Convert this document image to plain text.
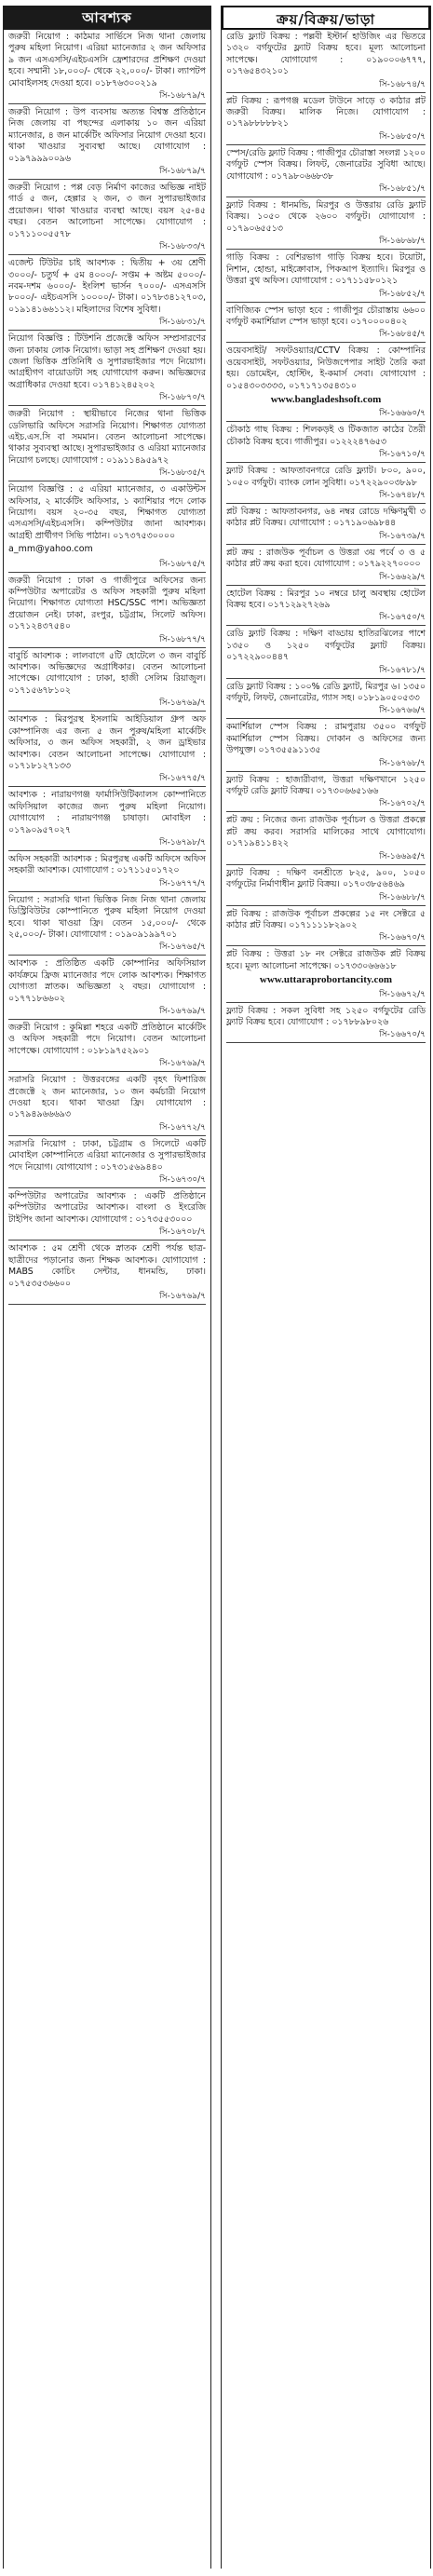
আবশ্যক
জরুরী নিয়োগ : কাঠমার সার্ভিসে নিজ থানা জেলায় পুরুষ মহিলা নিয়োগ। এরিয়া ম্যানেজার ২ জন অফিসার ৯ জন এসএসসি/এইচএসসি ফ্রেশারদের প্রশিক্ষণ দেওয়া হবে। সম্মানী ১৮,০০০/- থেকে ২২,০০০/- টাকা। ল্যাপটপ মোবাইলসহ দেওয়া হবে। ০১৮৭৬৩০০২১৯
সি-১৬৮৭৯/৭
জরুরী নিয়োগ : উপ ব্যবসায় অত্যন্ত বিশ্বস্ত প্রতিষ্ঠানে নিজ জেলায় বা পছন্দের এলাকায় ১০ জন এরিয়া ম্যানেজার, ৪ জন মার্কেটিং অফিসার নিয়োগ দেওয়া হবে। থাকা খাওয়ার সুব্যবস্থা আছে। যোগাযোগ : ০১৯৭৯৯৯০০৯৬
সি-১৬৮৭৯/৭
জরুরী নিয়োগ : পপ্প বেড় নির্মাণ কাজের অভিজ্ঞ নাইট গার্ড ৫ জন, হেল্পার ২ জন, ৩ জন সুপারভাইজার প্রয়োজন। থাকা খাওয়ার ব্যবস্থা আছে। বয়স ২৫-৪৫ বছর। বেতন আলোচনা সাপেক্ষে। যোগাযোগ : ০১৭১১০০৫৫৭৮
সি-১৬৮৩৩/৭
এজেন্ট টিউটর চাই আবশ্যক : দ্বিতীয় + ৩য় শ্রেণী ৩০০০/- চতুর্থ + ৫ম ৪০০০/- সপ্তম + অষ্টম ৫০০০/- নবম-দশম ৬০০০/- ইংলিশ ভার্সন ৭০০০/- এসএসসি ৮০০০/- এইচএসসি ১০০০০/- টাকা। ০১৭৮৩৪১২৭০৩, ০১৯১৪১৬৬১১২। মহিলাদের বিশেষ সুবিধা।
সি-১৬৮৩১/৭
নিয়োগ বিজ্ঞপ্তি : টিউশনি প্রজেক্টে অফিস সম্প্রসারণের জন্য ঢাকায় লোক নিয়োগ। ভাড়া সহ প্রশিক্ষণ দেওয়া হয়। জেলা ভিত্তিক প্রতিনিধি ও সুপারভাইজার পদে নিয়োগ। আগ্রহীগণ বায়োডাটা সহ যোগাযোগ করুন। অভিজ্ঞদের অগ্রাধিকার দেওয়া হবে। ০১৭৪১২৪৫২০২
সি-১৬৮৭০/৭
জরুরী নিয়োগ : স্থায়ীভাবে নিজের থানা ভিত্তিক ডেলিভারি অফিসে সরাসরি নিয়োগ। শিক্ষাগত যোগ্যতা এইচ.এস.সি বা সমমান। বেতন আলোচনা সাপেক্ষে। থাকার সুব্যবস্থা আছে। সুপারভাইজার ও এরিয়া ম্যানেজার নিয়োগ চলছে। যোগাযোগ : ০১৯১১৪৯৫৯৭২
সি-১৬৮৩৫/৭
নিয়োগ বিজ্ঞপ্তি : ৫ এরিয়া ম্যানেজার, ৩ একাউন্টস অফিসার, ২ মার্কেটিং অফিসার, ১ ক্যাশিয়ার পদে লোক নিয়োগ। বয়স ২০-৩৫ বছর, শিক্ষাগত যোগ্যতা এসএসসি/এইচএসসি। কম্পিউটার জানা আবশ্যক। আগ্রহী প্রার্থীগণ সিভি পাঠান। ০১৭৩৭৫৩০০০০
a_mm@yahoo.com
সি-১৬৮৭৫/৭
জরুরী নিয়োগ : ঢাকা ও গাজীপুরে অফিসের জন্য কম্পিউটার অপারেটর ও অফিস সহকারী পুরুষ মহিলা নিয়োগ। শিক্ষাগত যোগ্যতা HSC/SSC পাশ। অভিজ্ঞতা প্রয়োজন নেই। ঢাকা, রংপুর, চট্টগ্রাম, সিলেট অফিস। ০১৭১২৪৩৭৫৪০
সি-১৬৮৭৭/৭
বাবুর্চি আবশ্যক : লালবাগে ৫টি হোটেলে ৩ জন বাবুর্চি আবশ্যক। অভিজ্ঞদের অগ্রাধিকার। বেতন আলোচনা সাপেক্ষে। যোগাযোগ : ঢাকা, হাজী সেলিম রিয়াজুল। ০১৭১৫৬৭৮১০২
সি-১৬৭৬৯/৭
আবশ্যক : মিরপুরস্থ ইসলামি আইডিয়াল গ্রুপ অফ কোম্পানিজ এর জন্য ৫ জন পুরুষ/মহিলা মার্কেটিং অফিসার, ৩ জন অফিস সহকারী, ২ জন ড্রাইভার আবশ্যক। বেতন আলোচনা সাপেক্ষে। যোগাযোগ : ০১৭১৮১২৭১৩৩
সি-১৬৭৭৫/৭
আবশ্যক : নারায়ণগঞ্জ ফার্মাসিউটিক্যালস কোম্পানিতে অফিসিয়াল কাজের জন্য পুরুষ মহিলা নিয়োগ। যোগাযোগ : নারায়ণগঞ্জ চাষাড়া। মোবাইল : ০১৭৯০৯৫৭০২৭
সি-১৬৭৯৮/৭
অফিস সহকারী আবশ্যক : মিরপুরস্থ একটি অফিসে অফিস সহকারী আবশ্যক। যোগাযোগ : ০১৭১১৫০১৭২০
সি-১৬৭৭৭/৭
নিয়োগ : সরাসরি থানা ভিত্তিক নিজ নিজ থানা জেলায় ডিস্ট্রিবিউটর কোম্পানিতে পুরুষ মহিলা নিয়োগ দেওয়া হবে। থাকা খাওয়া ফ্রি। বেতন ১৫,০০০/- থেকে ২৫,০০০/- টাকা। যোগাযোগ : ০১৯০৯১৯৯৭০১
সি-১৬৭৬৫/৭
আবশ্যক : প্রতিষ্ঠিত একটি কোম্পানির অফিসিয়াল কার্যক্রমে ফ্রিজ ম্যানেজার পদে লোক আবশ্যক। শিক্ষাগত যোগ্যতা স্নাতক। অভিজ্ঞতা ২ বছর। যোগাযোগ : ০১৭৭১৮৬৬০২
সি-১৬৭৬৯/৭
জরুরী নিয়োগ : কুমিল্লা শহরে একটি প্রতিষ্ঠানে মার্কেটিং ও অফিস সহকারী পদে নিয়োগ। বেতন আলোচনা সাপেক্ষে। যোগাযোগ : ০১৮১৯৭৫২৯০১
সি-১৬৭৬৯/৭
সরাসরি নিয়োগ : উত্তরবঙ্গের একটি বৃহৎ ফিশারিজ প্রজেক্টে ২ জন ম্যানেজার, ১০ জন কর্মচারী নিয়োগ দেওয়া হবে। থাকা খাওয়া ফ্রি। যোগাযোগ : ০১৭৯৪৯৬৬৬৯৩
সি-১৬৭৭২/৭
সরাসরি নিয়োগ : ঢাকা, চট্টগ্রাম ও সিলেটে একটি মোবাইল কোম্পানিতে এরিয়া ম্যানেজার ও সুপারভাইজার পদে নিয়োগ। যোগাযোগ : ০১৭৩১৫৬৯৪৪০
সি-১৬৭৩০/৭
কম্পিউটার অপারেটর আবশ্যক : একটি প্রতিষ্ঠানে কম্পিউটার অপারেটর আবশ্যক। বাংলা ও ইংরেজি টাইপিং জানা আবশ্যক। যোগাযোগ : ০১৭৩৫৫৩০০০
সি-১৬৭০৮/৭
আবশ্যক : ৫ম শ্রেণী থেকে স্নাতক শ্রেণী পর্যন্ত ছাত্র-ছাত্রীদের পড়ানোর জন্য শিক্ষক আবশ্যক। যোগাযোগ : MABS কোচিং সেন্টার, ধানমন্ডি, ঢাকা। ০১৭৫৩৫৩৬৬০০
সি-১৬৭৬৯/৭
ক্রয়/বিক্রয়/ভাড়া
রেডি ফ্ল্যাট বিক্রয় : পল্লবী ইস্টার্ন হাউজিং এর ভিতরে ১৩২০ বর্গফুটের ফ্ল্যাট বিক্রয় হবে। মূল্য আলোচনা সাপেক্ষে। যোগাযোগ : ০১৯০০০৬৭৭৭, ০১৭৬৫৪৩২১০১
সি-১৬৮৭৪/৭
প্লট বিক্রয় : রূপগঞ্জ মডেল টাউনে সাড়ে ৩ কাঠার প্লট জরুরী বিক্রয়। মালিক নিজে। যোগাযোগ : ০১৭৯৮৮৮৮৮২১
সি-১৬৮৫০/৭
স্পেস/রেডি ফ্ল্যাট বিক্রয় : গাজীপুর চৌরাস্তা সংলগ্ন ১২০০ বর্গফুট স্পেস বিক্রয়। লিফট, জেনারেটর সুবিধা আছে। যোগাযোগ : ০১৭৯৮০৬৬৮৩৮
সি-১৬৮৫১/৭
ফ্ল্যাট বিক্রয় : ধানমন্ডি, মিরপুর ও উত্তরায় রেডি ফ্ল্যাট বিক্রয়। ১০৫০ থেকে ২৬০০ বর্গফুট। যোগাযোগ : ০১৭৯০৬৫৫১৩
সি-১৬৮৬৮/৭
গাড়ি বিক্রয় : বেশিরভাগ গাড়ি বিক্রয় হবে। টয়োটা, নিশান, হোন্ডা, মাইক্রোবাস, পিকআপ ইত্যাদি। মিরপুর ও উত্তরা বুথ অফিস। যোগাযোগ : ০১৭১১৫৮০১২১
সি-১৬৮৫২/৭
বাণিজ্যিক স্পেস ভাড়া হবে : গাজীপুর চৌরাস্তায় ৬৬০০ বর্গফুট কমার্শিয়াল স্পেস ভাড়া হবে। ০১৭০০০০৪০২
সি-১৬৮৪৫/৭
ওয়েবসাইট/ সফটওয়্যার/CCTV বিক্রয় : কোম্পানির ওয়েবসাইট, সফটওয়্যার, নিউজপেপার সাইট তৈরি করা হয়। ডোমেইন, হোস্টিং, ই-কমার্স সেবা। যোগাযোগ : ০১৫৪৩০৩৩৩৩, ০১৭১৭১৩৫৪৩১০
www.bangladeshsoft.com
সি-১৬৬৬০/৭
চৌকাঠ গাছ বিক্রয় : শিলকড়ই ও টিকজাত কাঠের তৈরী চৌকাঠ বিক্রয় হবে। গাজীপুর। ০১২২২৪৭৬৫৩
সি-১৬৭১০/৭
ফ্ল্যাট বিক্রয় : আফতাবনগরে রেডি ফ্ল্যাট। ৮০০, ৯০০, ১০৫০ বর্গফুট। ব্যাংক লোন সুবিধা। ০১৭২২৯০০৩৮৯৮
সি-১৬৭৪৮/৭
প্লট বিক্রয় : আফতাবনগর, ৬৪ নম্বর রোডে দক্ষিণমুখী ৩ কাঠার প্লট বিক্রয়। যোগাযোগ : ০১৭১৯০৬৯৮৪৪
সি-১৬৭৩৯/৭
প্লট ক্রয় : রাজউক পূর্বাচল ও উত্তরা ৩য় পর্বে ৩ ও ৫ কাঠার প্লট ক্রয় করা হবে। যোগাযোগ : ০১৭৯২২৭০০০০
সি-১৬৬২৯/৭
হোটেল বিক্রয় : মিরপুর ১০ নম্বরে চালু অবস্থায় হোটেল বিক্রয় হবে। ০১৭১২৯২৭২৬৯
সি-১৬৭৫০/৭
রেডি ফ্ল্যাট বিক্রয় : দক্ষিণ বাড্ডায় হাতিরঝিলের পাশে ১৩৫০ ও ১২৫০ বর্গফুটের ফ্ল্যাট বিক্রয়। ০১৭২২৯০০৪৪৭
সি-১৬৭৮১/৭
রেডি ফ্ল্যাট বিক্রয় : ১০০% রেডি ফ্ল্যাট, মিরপুর ৬। ১৩৫০ বর্গফুট, লিফট, জেনারেটর, গ্যাস সহ। ০১৮১৯০৫০৫৩৩
সি-১৬৭৬৬/৭
কমার্শিয়াল স্পেস বিক্রয় : রামপুরায় ৩৫০০ বর্গফুট কমার্শিয়াল স্পেস বিক্রয়। দোকান ও অফিসের জন্য উপযুক্ত। ০১৭৩৫৫৯১১৩৫
সি-১৬৭৬৮/৭
ফ্ল্যাট বিক্রয় : হাজারীবাগ, উত্তরা দক্ষিণখানে ১২৫০ বর্গফুট রেডি ফ্ল্যাট বিক্রয়। ০১৭৩০৬৬৫১৬৬
সি-১৬৭০২/৭
প্লট ক্রয় : নিজের জন্য রাজউক পূর্বাচল ও উত্তরা প্রকল্পে প্লট ক্রয় করব। সরাসরি মালিকের সাথে যোগাযোগ। ০১৭১৯৪১১৪২২
সি-১৬৬৯৫/৭
ফ্ল্যাট বিক্রয় : দক্ষিণ বনশ্রীতে ৮২৫, ৯০০, ১০৫০ বর্গফুটের নির্মাণাধীন ফ্ল্যাট বিক্রয়। ০১৭০৩৮৫৬৪৬৯
সি-১৬৬৮৮/৭
প্লট বিক্রয় : রাজউক পূর্বাচল প্রকল্পের ১৫ নং সেক্টরে ৫ কাঠার প্লট বিক্রয়। ০১৭১১১১৮২৯০২
সি-১৬৬৭০/৭
প্লট বিক্রয় : উত্তরা ১৮ নং সেক্টরে রাজউক প্লট বিক্রয় হবে। মূল্য আলোচনা সাপেক্ষে। ০১৭৩৩০৬৬৬১৮
www.uttaraprobortancity.com
সি-১৬৬৭২/৭
ফ্ল্যাট বিক্রয় : সকল সুবিধা সহ ১২৫০ বর্গফুটের রেডি ফ্ল্যাট বিক্রয় হবে। যোগাযোগ : ০১৭৮৮৯৮০২৬
সি-১৬৬৭০/৭
